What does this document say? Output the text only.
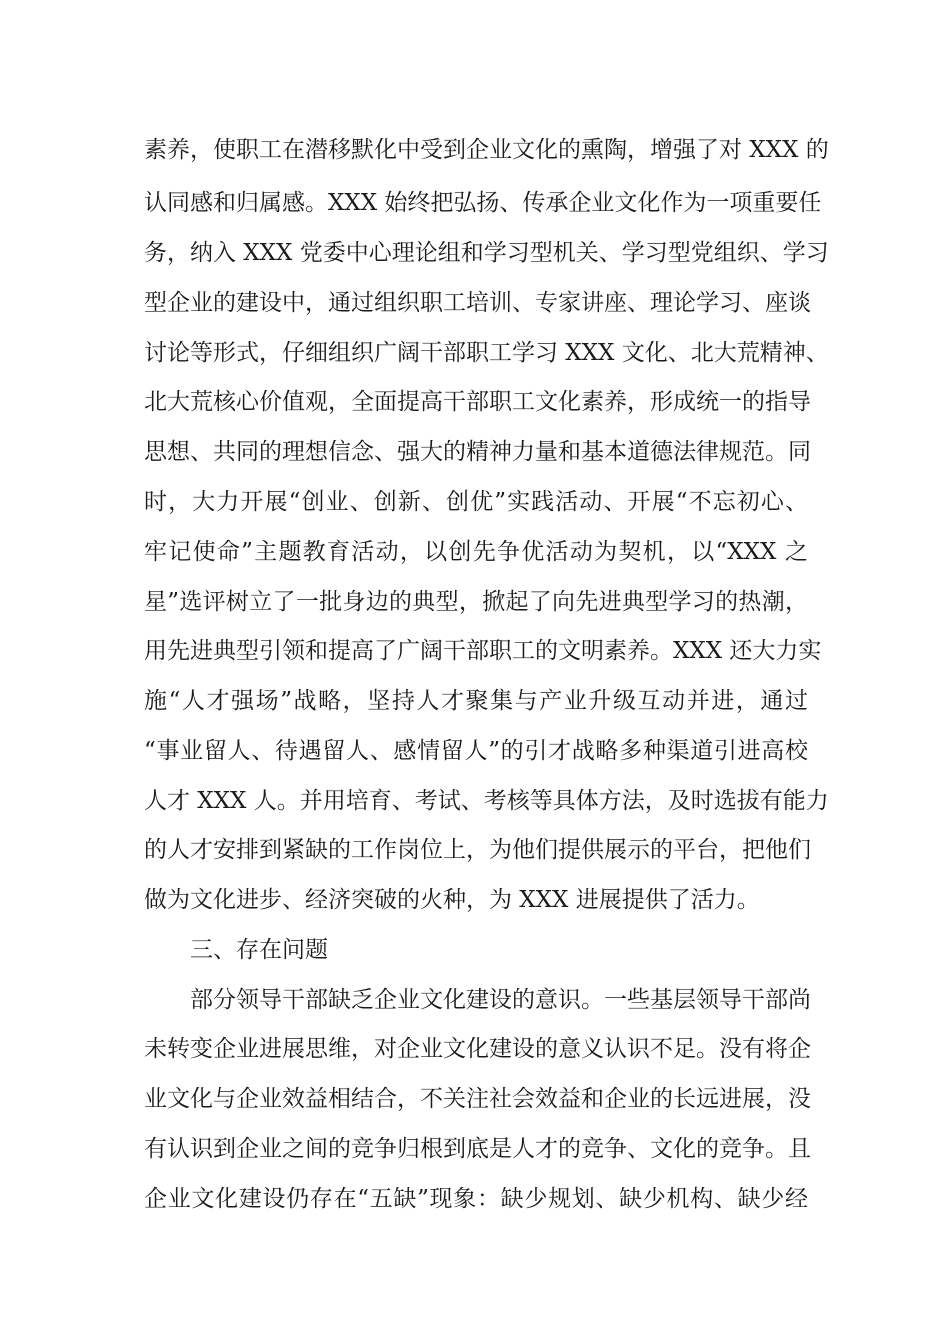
素养，使职工在潜移默化中受到企业文化的熏陶，增强了对 XXX 的
认同感和归属感。XXX 始终把弘扬、传承企业文化作为一项重要任
务，纳入 XXX 党委中心理论组和学习型机关、学习型党组织、学习
型企业的建设中，通过组织职工培训、专家讲座、理论学习、座谈
讨论等形式，仔细组织广阔干部职工学习 XXX 文化、北大荒精神、
北大荒核心价值观，全面提高干部职工文化素养，形成统一的指导
思想、共同的理想信念、强大的精神力量和基本道德法律规范。同
时，大力开展“创业、创新、创优”实践活动、开展“不忘初心、
牢记使命”主题教育活动，以创先争优活动为契机，以“XXX 之
星”选评树立了一批身边的典型，掀起了向先进典型学习的热潮，
用先进典型引领和提高了广阔干部职工的文明素养。XXX 还大力实
施“人才强场”战略，坚持人才聚集与产业升级互动并进，通过
“事业留人、待遇留人、感情留人”的引才战略多种渠道引进高校
人才 XXX 人。并用培育、考试、考核等具体方法，及时选拔有能力
的人才安排到紧缺的工作岗位上，为他们提供展示的平台，把他们
做为文化进步、经济突破的火种，为 XXX 进展提供了活力。
三、存在问题
部分领导干部缺乏企业文化建设的意识。一些基层领导干部尚
未转变企业进展思维，对企业文化建设的意义认识不足。没有将企
业文化与企业效益相结合，不关注社会效益和企业的长远进展，没
有认识到企业之间的竞争归根到底是人才的竞争、文化的竞争。且
企业文化建设仍存在“五缺”现象：缺少规划、缺少机构、缺少经
